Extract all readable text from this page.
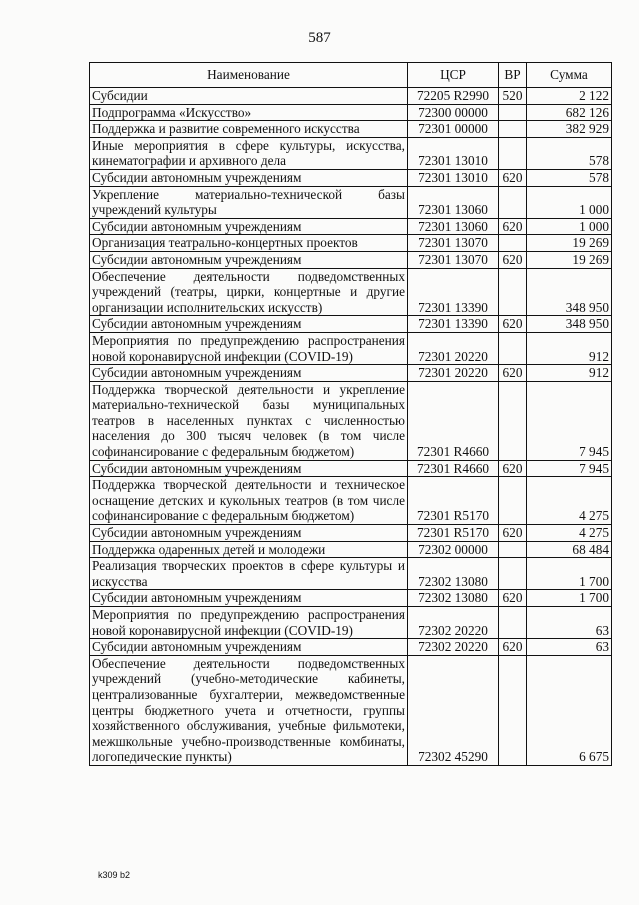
587
Наименование	ЦСР	ВР	Сумма
Субсидии	72205 R2990	520	2 122
Подпрограмма «Искусство»	72300 00000		682 126
Поддержка и развитие современного искусства	72301 00000		382 929
Иные мероприятия в сфере культуры, искусства, кинематографии и архивного дела	72301 13010		578
Субсидии автономным учреждениям	72301 13010	620	578
Укрепление материально-технической базы учреждений культуры	72301 13060		1 000
Субсидии автономным учреждениям	72301 13060	620	1 000
Организация театрально-концертных проектов	72301 13070		19 269
Субсидии автономным учреждениям	72301 13070	620	19 269
Обеспечение деятельности подведомственных учреждений (театры, цирки, концертные и другие организации исполнительских искусств)	72301 13390		348 950
Субсидии автономным учреждениям	72301 13390	620	348 950
Мероприятия по предупреждению распространения новой коронавирусной инфекции (COVID-19)	72301 20220		912
Субсидии автономным учреждениям	72301 20220	620	912
Поддержка творческой деятельности и укрепление материально-технической базы муниципальных театров в населенных пунктах с численностью населения до 300 тысяч человек (в том числе софинансирование с федеральным бюджетом)	72301 R4660		7 945
Субсидии автономным учреждениям	72301 R4660	620	7 945
Поддержка творческой деятельности и техническое оснащение детских и кукольных театров (в том числе софинансирование с федеральным бюджетом)	72301 R5170		4 275
Субсидии автономным учреждениям	72301 R5170	620	4 275
Поддержка одаренных детей и молодежи	72302 00000		68 484
Реализация творческих проектов в сфере культуры и искусства	72302 13080		1 700
Субсидии автономным учреждениям	72302 13080	620	1 700
Мероприятия по предупреждению распространения новой коронавирусной инфекции (COVID-19)	72302 20220		63
Субсидии автономным учреждениям	72302 20220	620	63
Обеспечение деятельности подведомственных учреждений (учебно-методические кабинеты, централизованные бухгалтерии, межведомственные центры бюджетного учета и отчетности, группы хозяйственного обслуживания, учебные фильмотеки, межшкольные учебно-производственные комбинаты, логопедические пункты)	72302 45290		6 675
k309 b2
